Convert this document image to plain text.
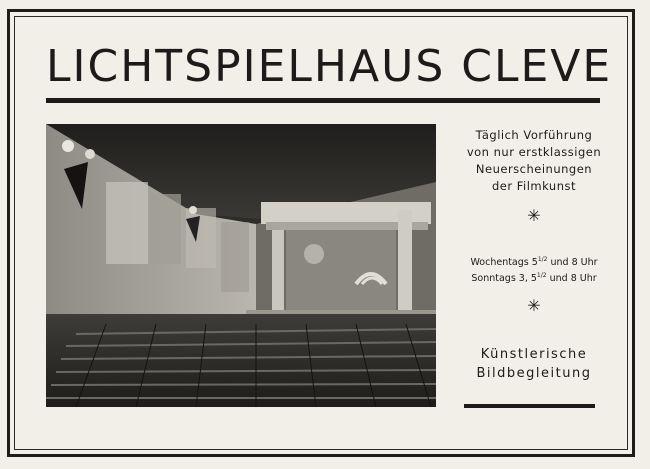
LICHTSPIELHAUS CLEVE
Täglich Vorführung
von nur erstklassigen
Neuerscheinungen
der Filmkunst
✳
Wochentags $5^{1/2}$ und 8 Uhr
Sonntags 3, $5^{1/2}$ und 8 Uhr
✳
Künstlerische
Bildbegleitung
